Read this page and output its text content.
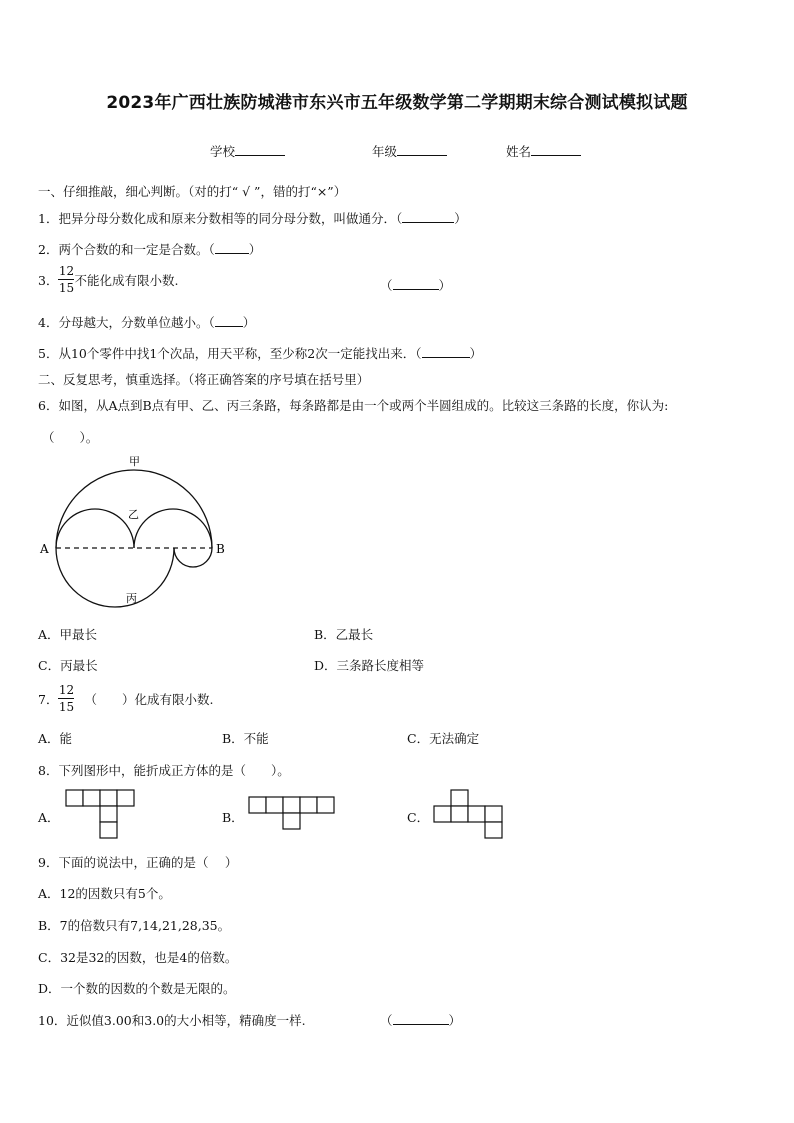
2023年广西壮族防城港市东兴市五年级数学第二学期期末综合测试模拟试题
学校	年级	姓名
一、仔细推敲，细心判断。（对的打“ √ ”，错的打“×”）
1．把异分母分数化成和原来分数相等的同分母分数，叫做通分．（	）
2．两个合数的和一定是合数。（	）
3． $\frac{12}{15}$ 不能化成有限小数.	（	）
4．分母越大，分数单位越小。（ ）
5．从10个零件中找1个次品，用天平称，至少称2次一定能找出来．（	）
二、反复思考，慎重选择。（将正确答案的序号填在括号里）
6．如图，从A点到B点有甲、乙、丙三条路，每条路都是由一个或两个半圆组成的。比较这三条路的长度，你认为:
（　　）。
甲
乙
丙
A	B
A．甲最长	B．乙最长
C．丙最长	D．三条路长度相等
7． $\frac{12}{15}$ （　　）化成有限小数.
A．能	B．不能	C．无法确定
8．下列图形中，能折成正方体的是（　　）。
A．	B．	C．
9．下面的说法中，正确的是（　 ）
A．12的因数只有5个。
B．7的倍数只有7,14,21,28,35。
C．32是32的因数，也是4的倍数。
D．一个数的因数的个数是无限的。
10．近似值3.00和3.0的大小相等，精确度一样.	（	）
